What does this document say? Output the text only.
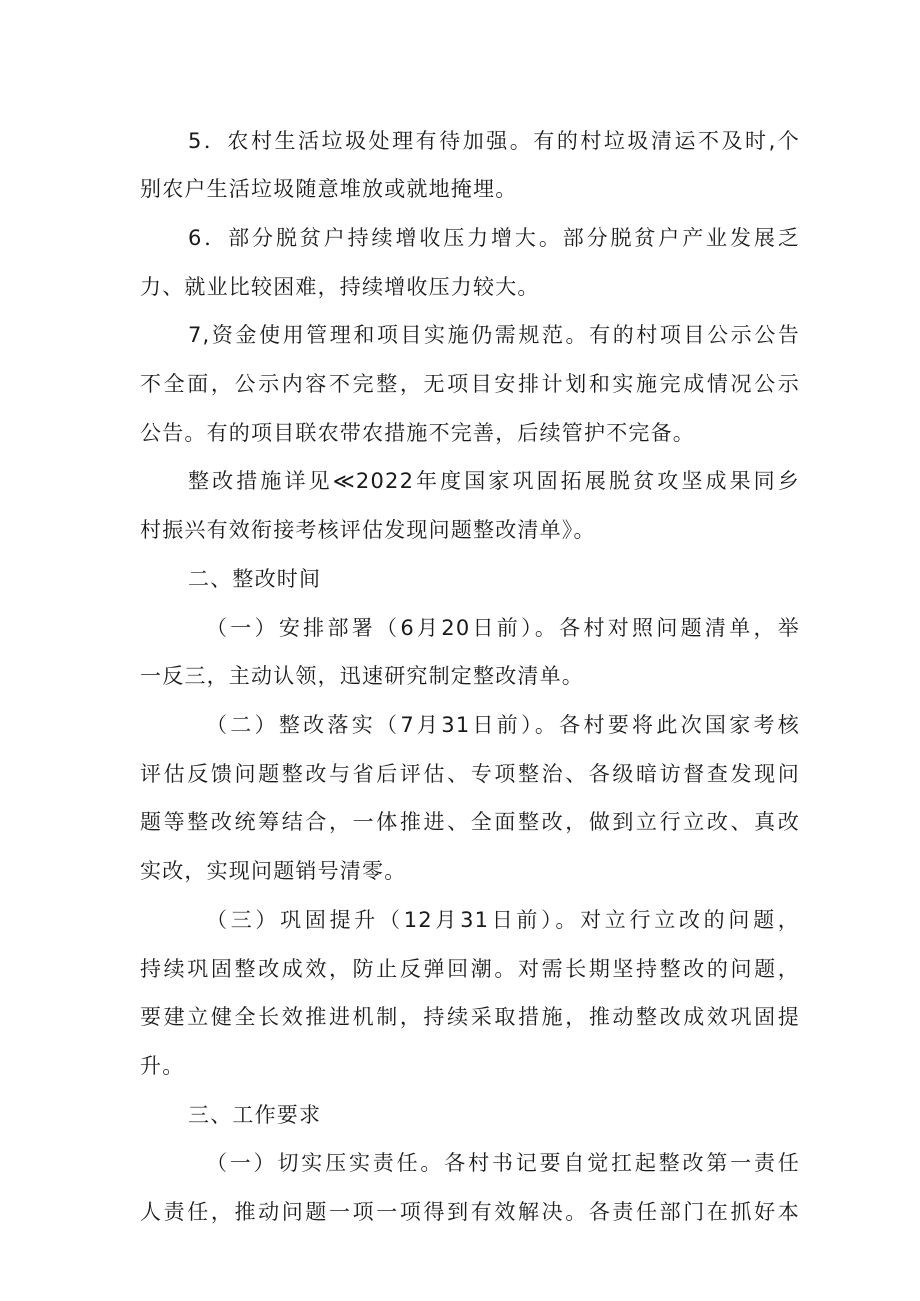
5．农村生活垃圾处理有待加强。有的村垃圾清运不及时,个
别农户生活垃圾随意堆放或就地掩埋。
6．部分脱贫户持续增收压力增大。部分脱贫户产业发展乏
力、就业比较困难，持续增收压力较大。
7,资金使用管理和项目实施仍需规范。有的村项目公示公告
不全面，公示内容不完整，无项目安排计划和实施完成情况公示
公告。有的项目联农带农措施不完善，后续管护不完备。
整改措施详见≪2022年度国家巩固拓展脱贫攻坚成果同乡
村振兴有效衔接考核评估发现问题整改清单》。
二、整改时间
（一）安排部署（6月20日前）。各村对照问题清单，举
一反三，主动认领，迅速研究制定整改清单。
（二）整改落实（7月31日前）。各村要将此次国家考核
评估反馈问题整改与省后评估、专项整治、各级暗访督查发现问
题等整改统筹结合，一体推进、全面整改，做到立行立改、真改
实改，实现问题销号清零。
（三）巩固提升（12月31日前）。对立行立改的问题，
持续巩固整改成效，防止反弹回潮。对需长期坚持整改的问题，
要建立健全长效推进机制，持续采取措施，推动整改成效巩固提
升。
三、工作要求
（一）切实压实责任。各村书记要自觉扛起整改第一责任
人责任，推动问题一项一项得到有效解决。各责任部门在抓好本
